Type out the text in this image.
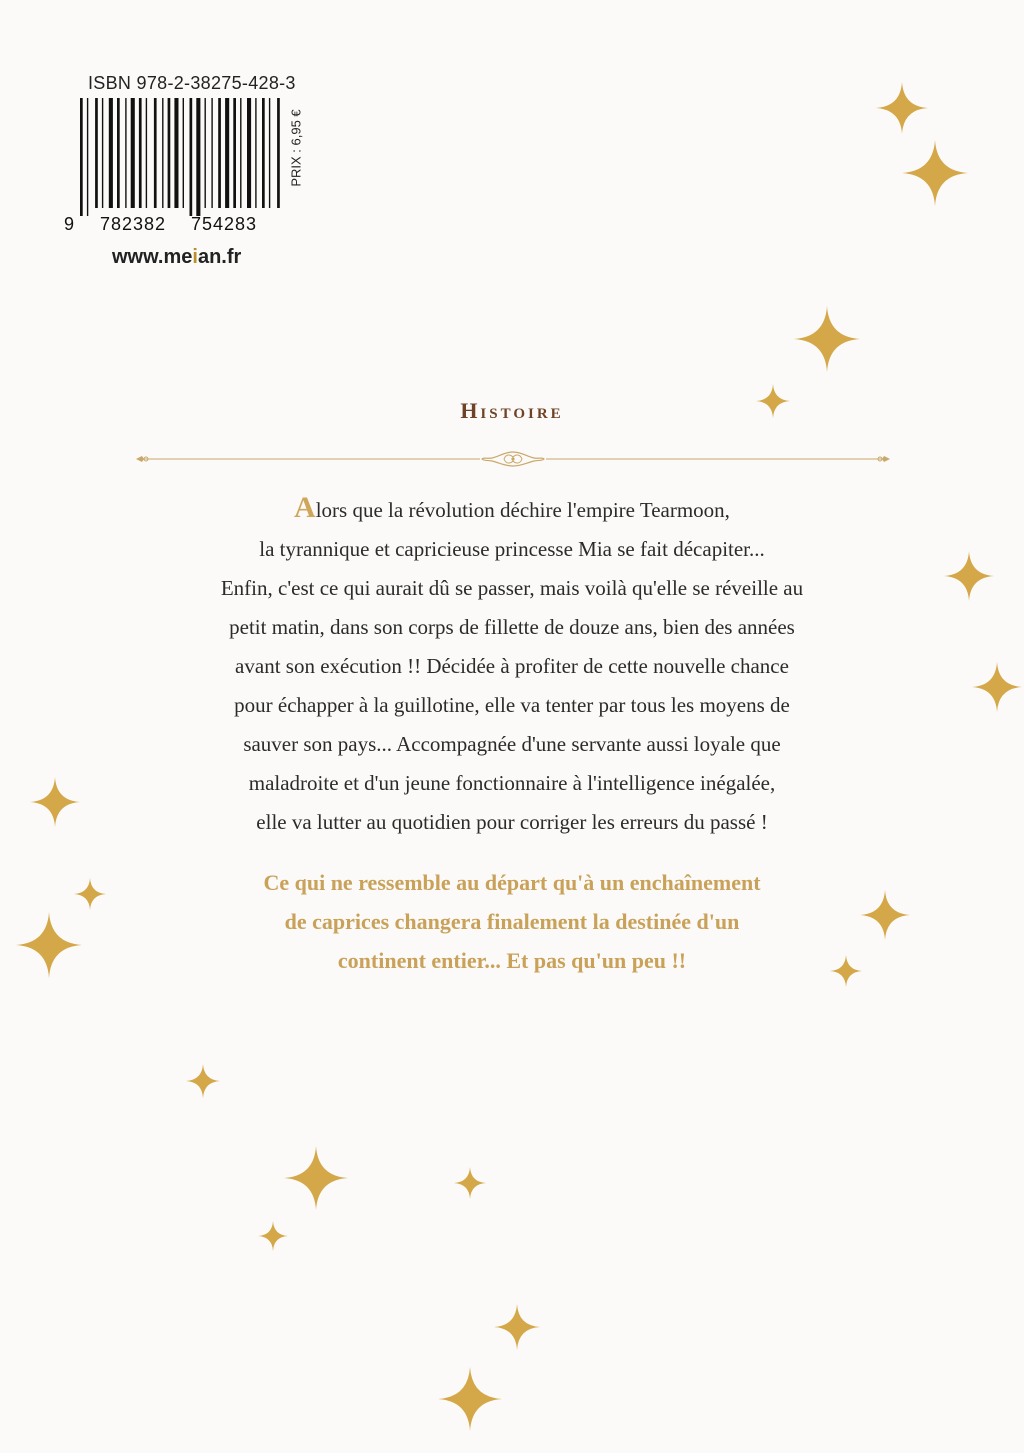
ISBN 978-2-38275-428-3
9 782382 754283
PRIX : 6,95 €
www.meian.fr
Histoire

Alors que la révolution déchire l'empire Tearmoon,
la tyrannique et capricieuse princesse Mia se fait décapiter...
Enfin, c'est ce qui aurait dû se passer, mais voilà qu'elle se réveille au
petit matin, dans son corps de fillette de douze ans, bien des années
avant son exécution !! Décidée à profiter de cette nouvelle chance
pour échapper à la guillotine, elle va tenter par tous les moyens de
sauver son pays... Accompagnée d'une servante aussi loyale que
maladroite et d'un jeune fonctionnaire à l'intelligence inégalée,
elle va lutter au quotidien pour corriger les erreurs du passé !

Ce qui ne ressemble au départ qu'à un enchaînement
de caprices changera finalement la destinée d'un
continent entier... Et pas qu'un peu !!
